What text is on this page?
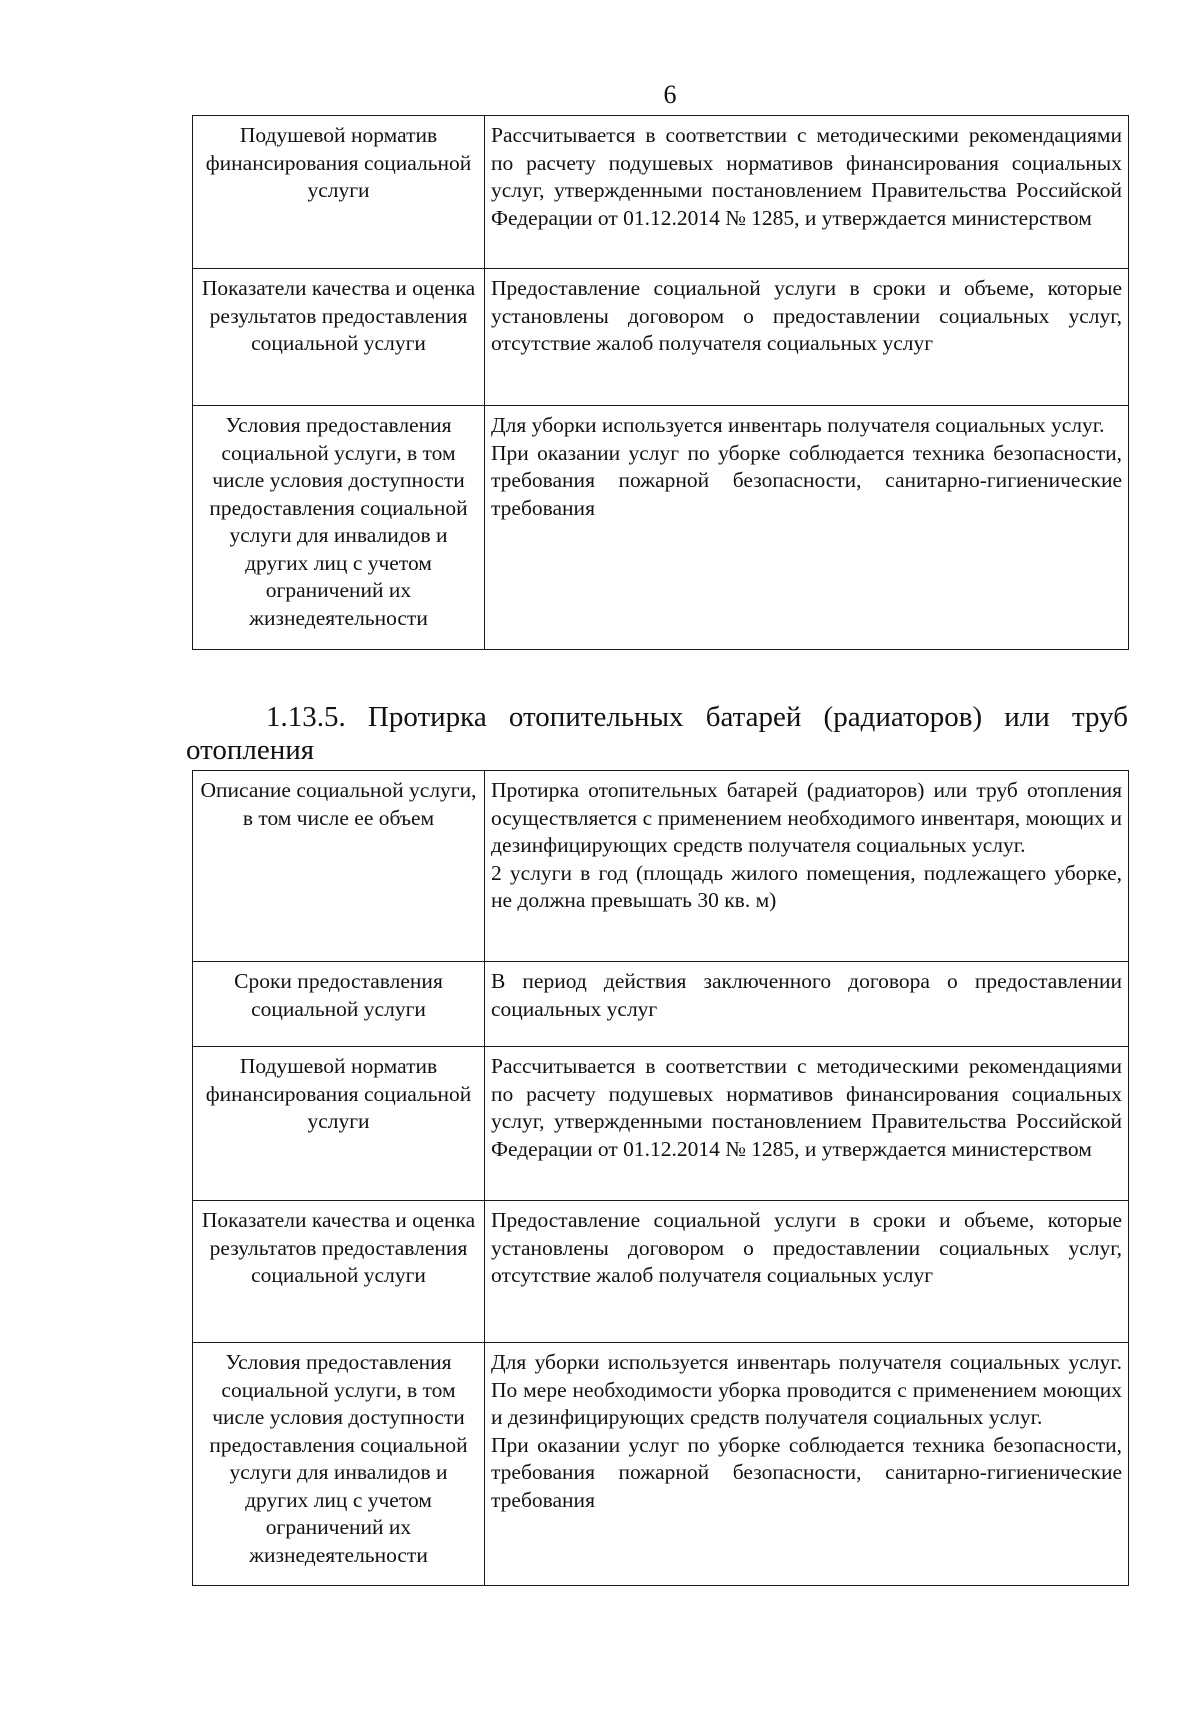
6
Подушевой норматив финансирования социальной услуги	Рассчитывается в соответствии с методическими рекомендациями по расчету подушевых нормативов финансирования социальных услуг, утвержденными постановлением Правительства Российской Федерации от 01.12.2014 № 1285, и утверждается министерством

Показатели качества и оценка результатов предоставления социальной услуги	Предоставление социальной услуги в сроки и объеме, которые установлены договором о предоставлении социальных услуг, отсутствие жалоб получателя социальных услуг

Условия предоставления социальной услуги, в том числе условия доступности предоставления социальной услуги для инвалидов и других лиц с учетом ограничений их жизнедеятельности	Для уборки используется инвентарь получателя социальных услуг.
При оказании услуг по уборке соблюдается техника безопасности, требования пожарной безопасности, санитарно-гигиенические требования

1.13.5. Протирка отопительных батарей (радиаторов) или труб отопления

Описание социальной услуги, в том числе ее объем	Протирка отопительных батарей (радиаторов) или труб отопления осуществляется с применением необходимого инвентаря, моющих и дезинфицирующих средств получателя социальных услуг.
2 услуги в год (площадь жилого помещения, подлежащего уборке, не должна превышать 30 кв. м)

Сроки предоставления социальной услуги	В период действия заключенного договора о предоставлении социальных услуг

Подушевой норматив финансирования социальной услуги	Рассчитывается в соответствии с методическими рекомендациями по расчету подушевых нормативов финансирования социальных услуг, утвержденными постановлением Правительства Российской Федерации от 01.12.2014 № 1285, и утверждается министерством

Показатели качества и оценка результатов предоставления социальной услуги	Предоставление социальной услуги в сроки и объеме, которые установлены договором о предоставлении социальных услуг, отсутствие жалоб получателя социальных услуг

Условия предоставления социальной услуги, в том числе условия доступности предоставления социальной услуги для инвалидов и других лиц с учетом ограничений их жизнедеятельности	Для уборки используется инвентарь получателя социальных услуг. По мере необходимости уборка проводится с применением моющих и дезинфицирующих средств получателя социальных услуг.
При оказании услуг по уборке соблюдается техника безопасности, требования пожарной безопасности, санитарно-гигиенические требования
